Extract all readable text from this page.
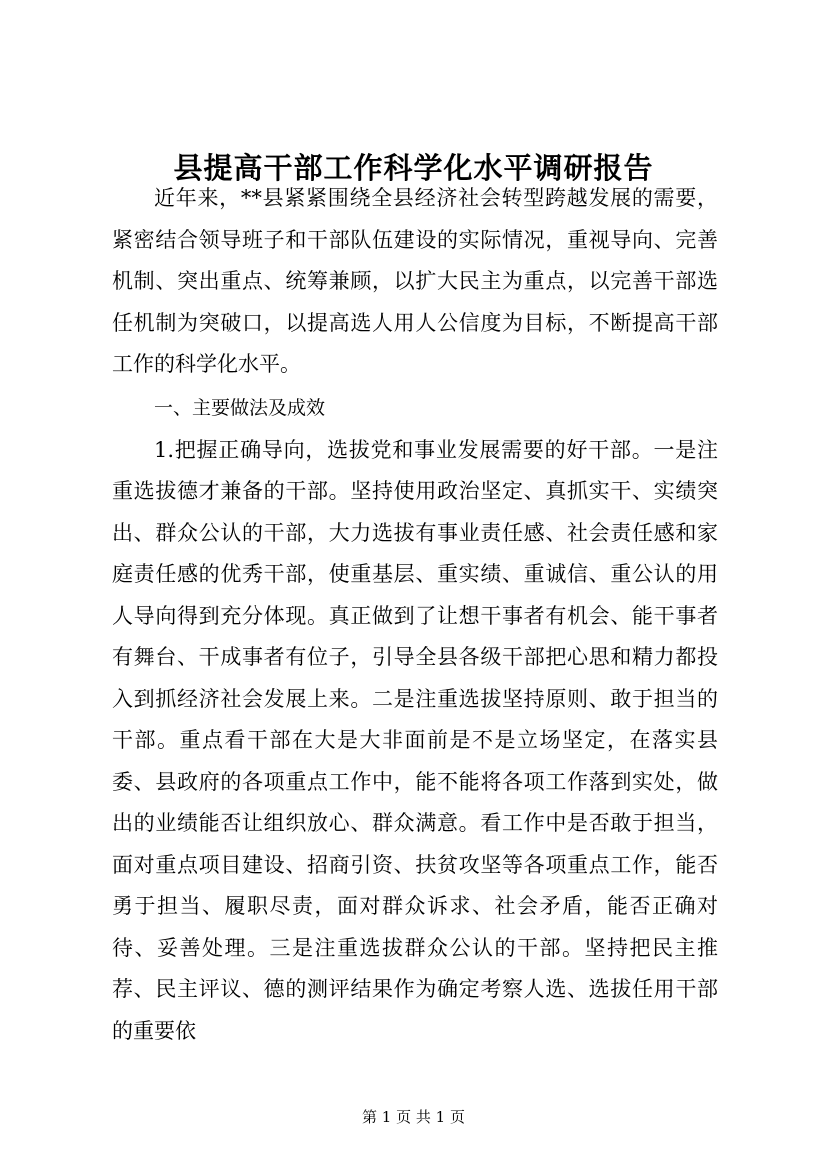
县提高干部工作科学化水平调研报告

近年来，**县紧紧围绕全县经济社会转型跨越发展的需要，紧密结合领导班子和干部队伍建设的实际情况，重视导向、完善机制、突出重点、统筹兼顾，以扩大民主为重点，以完善干部选任机制为突破口，以提高选人用人公信度为目标，不断提高干部工作的科学化水平。

一、主要做法及成效

1.把握正确导向，选拔党和事业发展需要的好干部。一是注重选拔德才兼备的干部。坚持使用政治坚定、真抓实干、实绩突出、群众公认的干部，大力选拔有事业责任感、社会责任感和家庭责任感的优秀干部，使重基层、重实绩、重诚信、重公认的用人导向得到充分体现。真正做到了让想干事者有机会、能干事者有舞台、干成事者有位子，引导全县各级干部把心思和精力都投入到抓经济社会发展上来。二是注重选拔坚持原则、敢于担当的干部。重点看干部在大是大非面前是不是立场坚定，在落实县委、县政府的各项重点工作中，能不能将各项工作落到实处，做出的业绩能否让组织放心、群众满意。看工作中是否敢于担当，面对重点项目建设、招商引资、扶贫攻坚等各项重点工作，能否勇于担当、履职尽责，面对群众诉求、社会矛盾，能否正确对待、妥善处理。三是注重选拔群众公认的干部。坚持把民主推荐、民主评议、德的测评结果作为确定考察人选、选拔任用干部的重要依

第 1 页 共 1 页
